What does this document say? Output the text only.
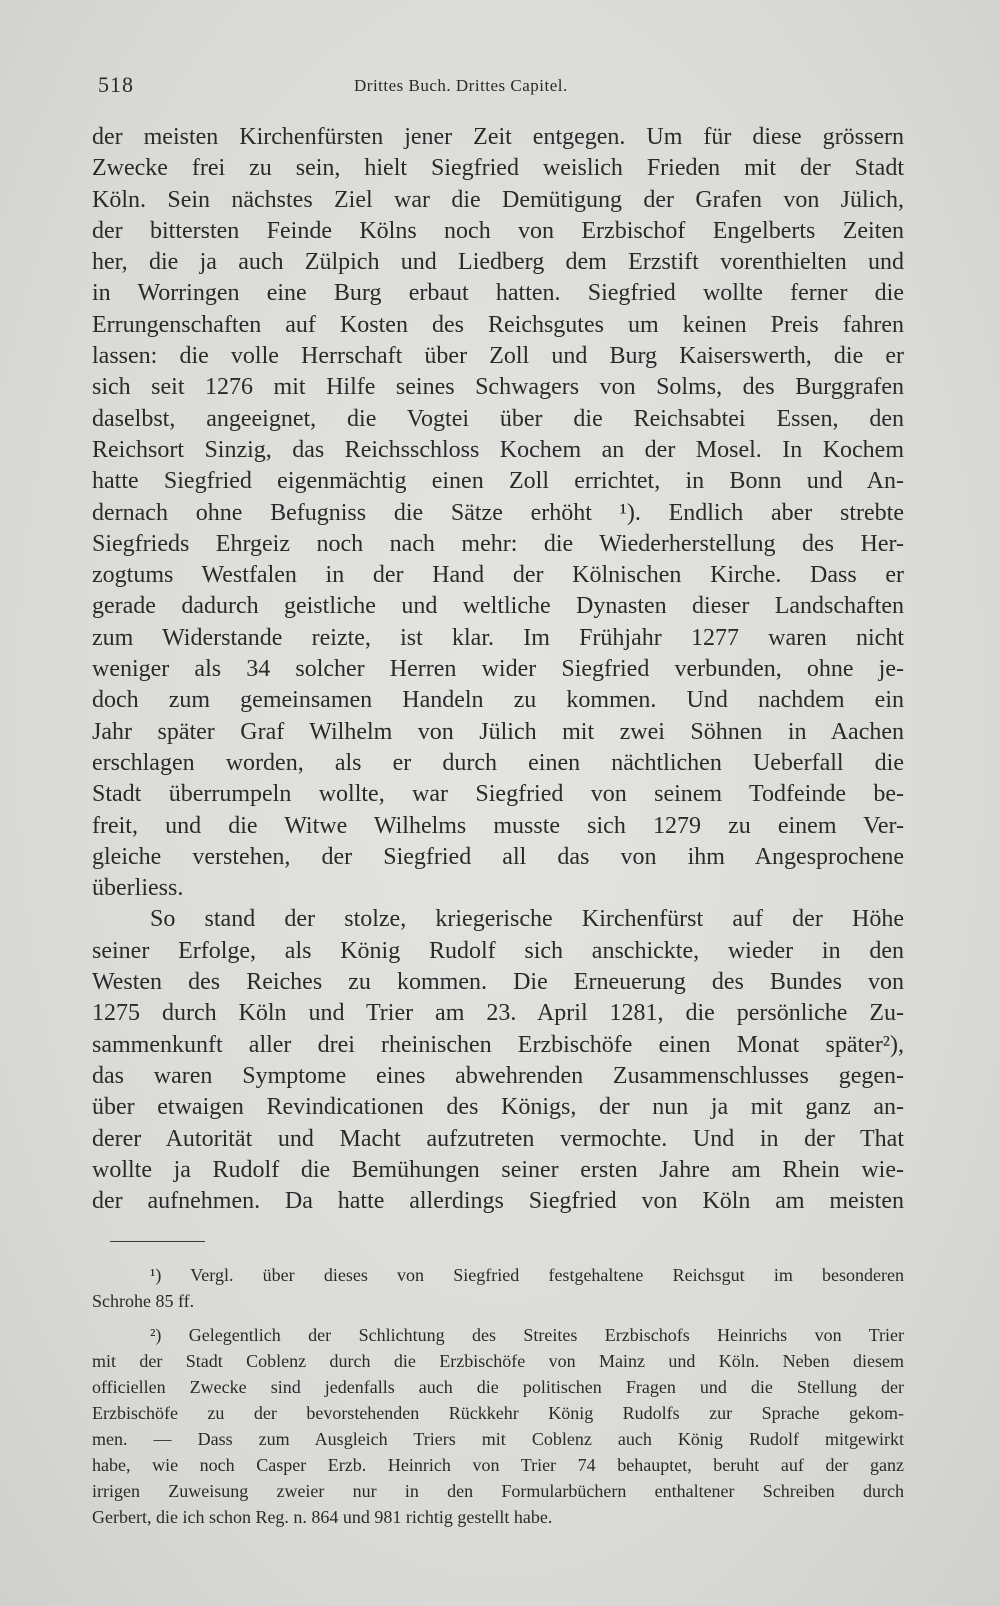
518	Drittes Buch. Drittes Capitel.
der meisten Kirchenfürsten jener Zeit entgegen. Um für diese grössern
Zwecke frei zu sein, hielt Siegfried weislich Frieden mit der Stadt
Köln. Sein nächstes Ziel war die Demütigung der Grafen von Jülich,
der bittersten Feinde Kölns noch von Erzbischof Engelberts Zeiten
her, die ja auch Zülpich und Liedberg dem Erzstift vorenthielten und
in Worringen eine Burg erbaut hatten. Siegfried wollte ferner die
Errungenschaften auf Kosten des Reichsgutes um keinen Preis fahren
lassen: die volle Herrschaft über Zoll und Burg Kaiserswerth, die er
sich seit 1276 mit Hilfe seines Schwagers von Solms, des Burggrafen
daselbst, angeeignet, die Vogtei über die Reichsabtei Essen, den
Reichsort Sinzig, das Reichsschloss Kochem an der Mosel. In Kochem
hatte Siegfried eigenmächtig einen Zoll errichtet, in Bonn und An-
dernach ohne Befugniss die Sätze erhöht ¹). Endlich aber strebte
Siegfrieds Ehrgeiz noch nach mehr: die Wiederherstellung des Her-
zogtums Westfalen in der Hand der Kölnischen Kirche. Dass er
gerade dadurch geistliche und weltliche Dynasten dieser Landschaften
zum Widerstande reizte, ist klar. Im Frühjahr 1277 waren nicht
weniger als 34 solcher Herren wider Siegfried verbunden, ohne je-
doch zum gemeinsamen Handeln zu kommen. Und nachdem ein
Jahr später Graf Wilhelm von Jülich mit zwei Söhnen in Aachen
erschlagen worden, als er durch einen nächtlichen Ueberfall die
Stadt überrumpeln wollte, war Siegfried von seinem Todfeinde be-
freit, und die Witwe Wilhelms musste sich 1279 zu einem Ver-
gleiche verstehen, der Siegfried all das von ihm Angesprochene
überliess.
So stand der stolze, kriegerische Kirchenfürst auf der Höhe
seiner Erfolge, als König Rudolf sich anschickte, wieder in den
Westen des Reiches zu kommen. Die Erneuerung des Bundes von
1275 durch Köln und Trier am 23. April 1281, die persönliche Zu-
sammenkunft aller drei rheinischen Erzbischöfe einen Monat später²),
das waren Symptome eines abwehrenden Zusammenschlusses gegen-
über etwaigen Revindicationen des Königs, der nun ja mit ganz an-
derer Autorität und Macht aufzutreten vermochte. Und in der That
wollte ja Rudolf die Bemühungen seiner ersten Jahre am Rhein wie-
der aufnehmen. Da hatte allerdings Siegfried von Köln am meisten
¹) Vergl. über dieses von Siegfried festgehaltene Reichsgut im besonderen
Schrohe 85 ff.
²) Gelegentlich der Schlichtung des Streites Erzbischofs Heinrichs von Trier
mit der Stadt Coblenz durch die Erzbischöfe von Mainz und Köln. Neben diesem
officiellen Zwecke sind jedenfalls auch die politischen Fragen und die Stellung der
Erzbischöfe zu der bevorstehenden Rückkehr König Rudolfs zur Sprache gekom-
men. — Dass zum Ausgleich Triers mit Coblenz auch König Rudolf mitgewirkt
habe, wie noch Casper Erzb. Heinrich von Trier 74 behauptet, beruht auf der ganz
irrigen Zuweisung zweier nur in den Formularbüchern enthaltener Schreiben durch
Gerbert, die ich schon Reg. n. 864 und 981 richtig gestellt habe.
